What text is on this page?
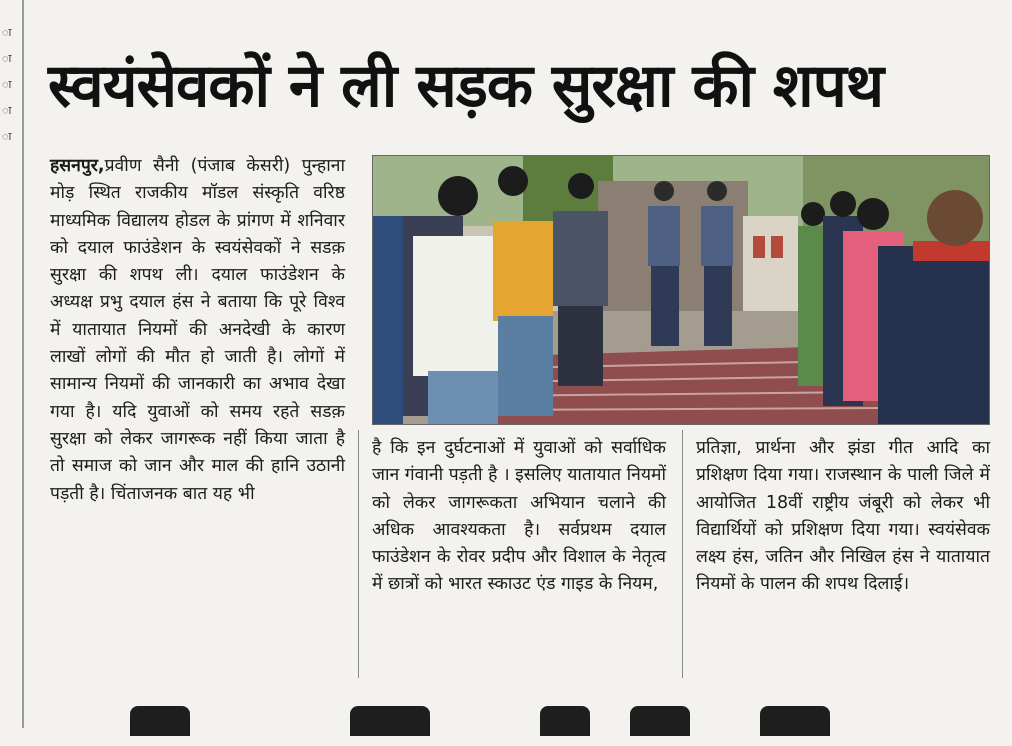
ा
ा
ा
ा
ा
स्वयंसेवकों ने ली सड़क सुरक्षा की शपथ
हसनपुर,प्रवीण सैनी (पंजाब केसरी) पुन्हाना मोड़ स्थित राजकीय मॉडल संस्कृति वरिष्ठ माध्यमिक विद्यालय होडल के प्रांगण में शनिवार को दयाल फाउंडेशन के स्वयंसेवकों ने सडक़ सुरक्षा की शपथ ली। दयाल फाउंडेशन के अध्यक्ष प्रभु दयाल हंस ने बताया कि पूरे विश्व में यातायात नियमों की अनदेखी के कारण लाखों लोगों की मौत हो जाती है। लोगों में सामान्य नियमों की जानकारी का अभाव देखा गया है। यदि युवाओं को समय रहते सडक़ सुरक्षा को लेकर जागरूक नहीं किया जाता है तो समाज को जान और माल की हानि उठानी पड़ती है। चिंताजनक बात यह भी
है कि इन दुर्घटनाओं में युवाओं को सर्वाधिक जान गंवानी पड़ती है । इसलिए यातायात नियमों को लेकर जागरूकता अभियान चलाने की अधिक आवश्यकता है। सर्वप्रथम दयाल फाउंडेशन के रोवर प्रदीप और विशाल के नेतृत्व में छात्रों को भारत स्काउट एंड गाइड के नियम,
प्रतिज्ञा, प्रार्थना और झंडा गीत आदि का प्रशिक्षण दिया गया। राजस्थान के पाली जिले में आयोजित 18वीं राष्ट्रीय जंबूरी को लेकर भी विद्यार्थियों को प्रशिक्षण दिया गया। स्वयंसेवक लक्ष्य हंस, जतिन और निखिल हंस ने यातायात नियमों के पालन की शपथ दिलाई।
